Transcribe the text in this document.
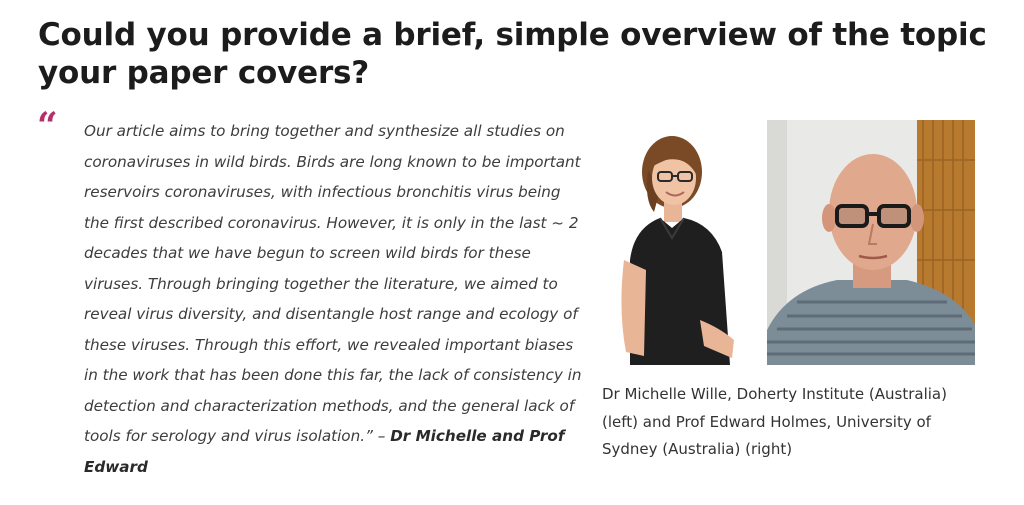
Could you provide a brief, simple overview of the topic your paper covers?
“ Our article aims to bring together and synthesize all studies on coronaviruses in wild birds. Birds are long known to be important reservoirs coronaviruses, with infectious bronchitis virus being the first described coronavirus. However, it is only in the last ~ 2 decades that we have begun to screen wild birds for these viruses. Through bringing together the literature, we aimed to reveal virus diversity, and disentangle host range and ecology of these viruses. Through this effort, we revealed important biases in the work that has been done this far, the lack of consistency in detection and characterization methods, and the general lack of tools for serology and virus isolation.” – Dr Michelle and Prof Edward

Dr Michelle Wille, Doherty Institute (Australia) (left) and Prof Edward Holmes, University of Sydney (Australia) (right)
